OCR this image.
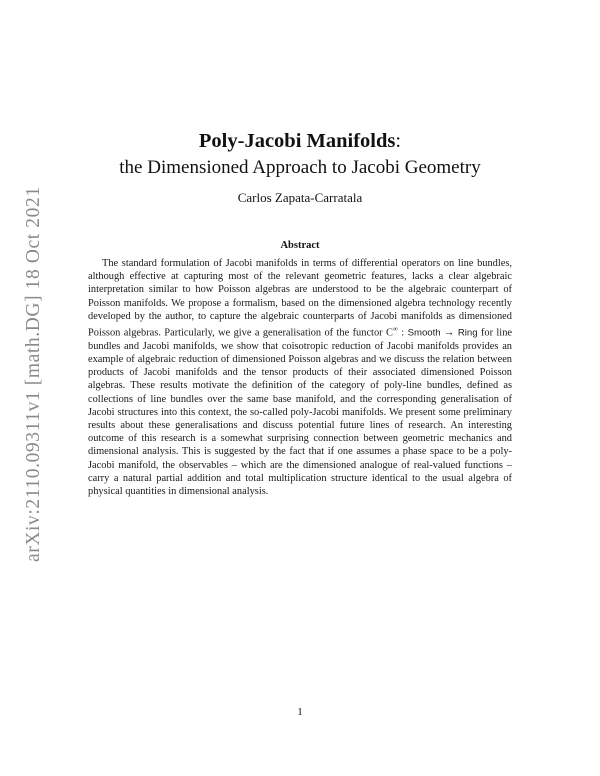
arXiv:2110.09311v1 [math.DG] 18 Oct 2021
Poly-Jacobi Manifolds:
the Dimensioned Approach to Jacobi Geometry
Carlos Zapata-Carratala
Abstract
The standard formulation of Jacobi manifolds in terms of differential operators on line bundles, although effective at capturing most of the relevant geometric features, lacks a clear algebraic interpretation similar to how Poisson algebras are understood to be the algebraic counterpart of Poisson manifolds. We propose a formalism, based on the dimensioned algebra technology recently developed by the author, to capture the algebraic counterparts of Jacobi manifolds as dimensioned Poisson algebras. Particularly, we give a generalisation of the functor C∞ : Smooth → Ring for line bundles and Jacobi manifolds, we show that coisotropic reduction of Jacobi manifolds provides an example of algebraic reduction of dimensioned Poisson algebras and we discuss the relation between products of Jacobi manifolds and the tensor products of their associated dimensioned Poisson algebras. These results motivate the definition of the category of poly-line bundles, defined as collections of line bundles over the same base manifold, and the corresponding generalisation of Jacobi structures into this context, the so-called poly-Jacobi manifolds. We present some preliminary results about these generalisations and discuss potential future lines of research. An interesting outcome of this research is a somewhat surprising connection between geometric mechanics and dimensional analysis. This is suggested by the fact that if one assumes a phase space to be a poly-Jacobi manifold, the observables – which are the dimensioned analogue of real-valued functions – carry a natural partial addition and total multiplication structure identical to the usual algebra of physical quantities in dimensional analysis.
1
